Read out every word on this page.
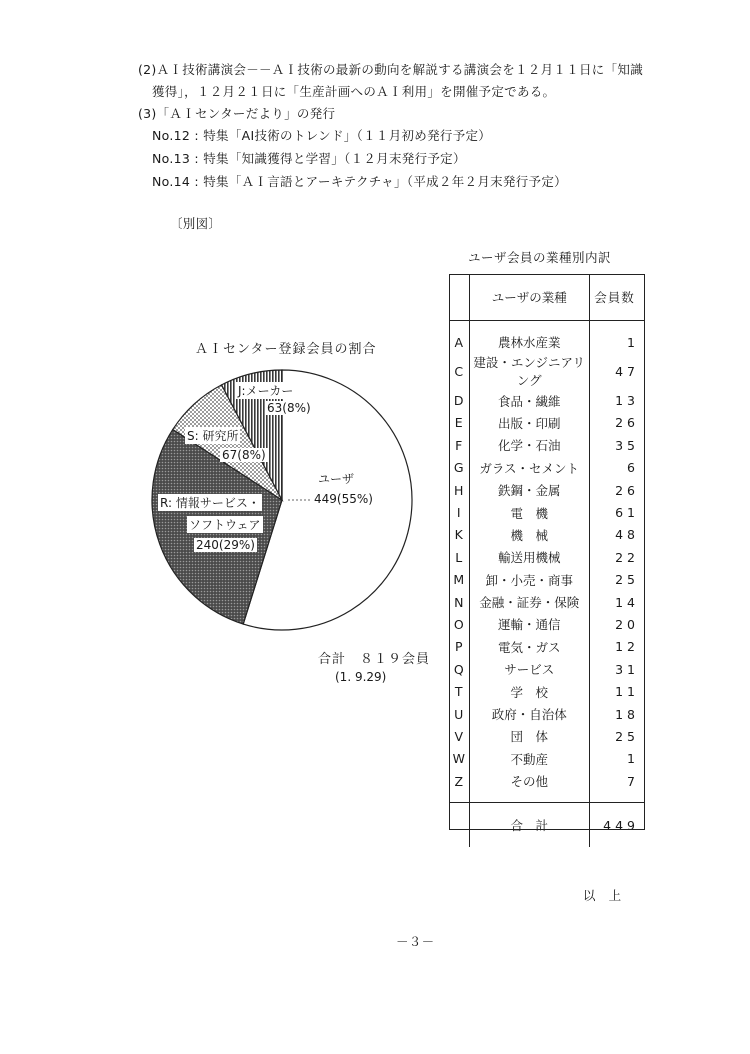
(2)ＡＩ技術講演会－－ＡＩ技術の最新の動向を解説する講演会を１２月１１日に「知識
獲得」，１２月２１日に「生産計画へのＡＩ利用」を開催予定である。
(3)「ＡＩセンターだより」の発行
No.12 : 特集「AI技術のトレンド」（１１月初め発行予定）
No.13 : 特集「知識獲得と学習」（１２月末発行予定）
No.14 : 特集「ＡＩ言語とアーキテクチャ」（平成２年２月末発行予定）
〔別図〕
ＡＩセンター登録会員の割合
J:メーカー
63(8%)
S: 研究所
67(8%)
R: 情報サービス・
ソフトウェア
240(29%)
ユーザ
449(55%)
合計　８１９会員
(1. 9.29)
ユーザ会員の業種別内訳
	ユーザの業種	会員数

A	農林水産業	1
C	建設・エンジニアリング	47
D	食品・繊維	13
E	出版・印刷	26
F	化学・石油	35
G	ガラス・セメント	6
H	鉄鋼・金属	26
I	電　機	61
K	機　械	48
L	輸送用機械	22
M	卸・小売・商事	25
N	金融・証券・保険	14
O	運輸・通信	20
P	電気・ガス	12
Q	サービス	31
T	学　校	11
U	政府・自治体	18
V	団　体	25
W	不動産	1
Z	その他	7

	合　計	449
以　上
－３－
